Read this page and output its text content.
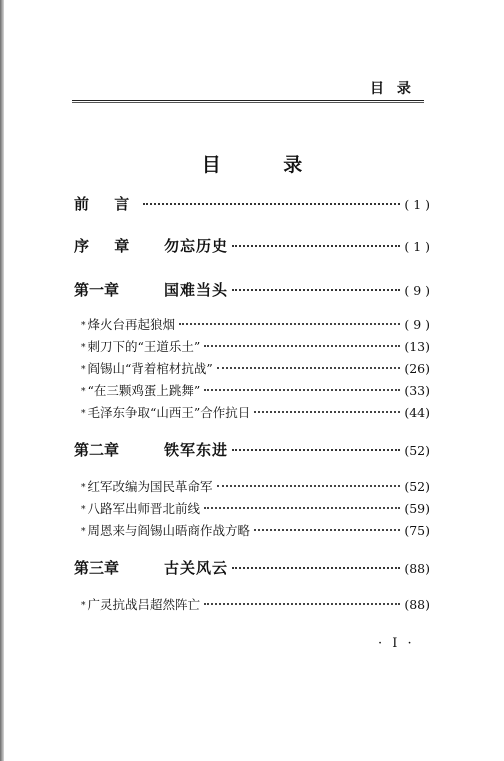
目 录
目 录
前 言	( 1 )
序 章	勿忘历史	( 1 )
第一章	国难当头	( 9 )
* 烽火台再起狼烟	( 9 )
* 刺刀下的“王道乐土”	(13)
* 阎锡山“背着棺材抗战”	(26)
* “在三颗鸡蛋上跳舞”	(33)
* 毛泽东争取“山西王”合作抗日	(44)
第二章	铁军东进	(52)
* 红军改编为国民革命军	(52)
* 八路军出师晋北前线	(59)
* 周恩来与阎锡山晤商作战方略	(75)
第三章	古关风云	(88)
* 广灵抗战吕超然阵亡	(88)
· I ·
